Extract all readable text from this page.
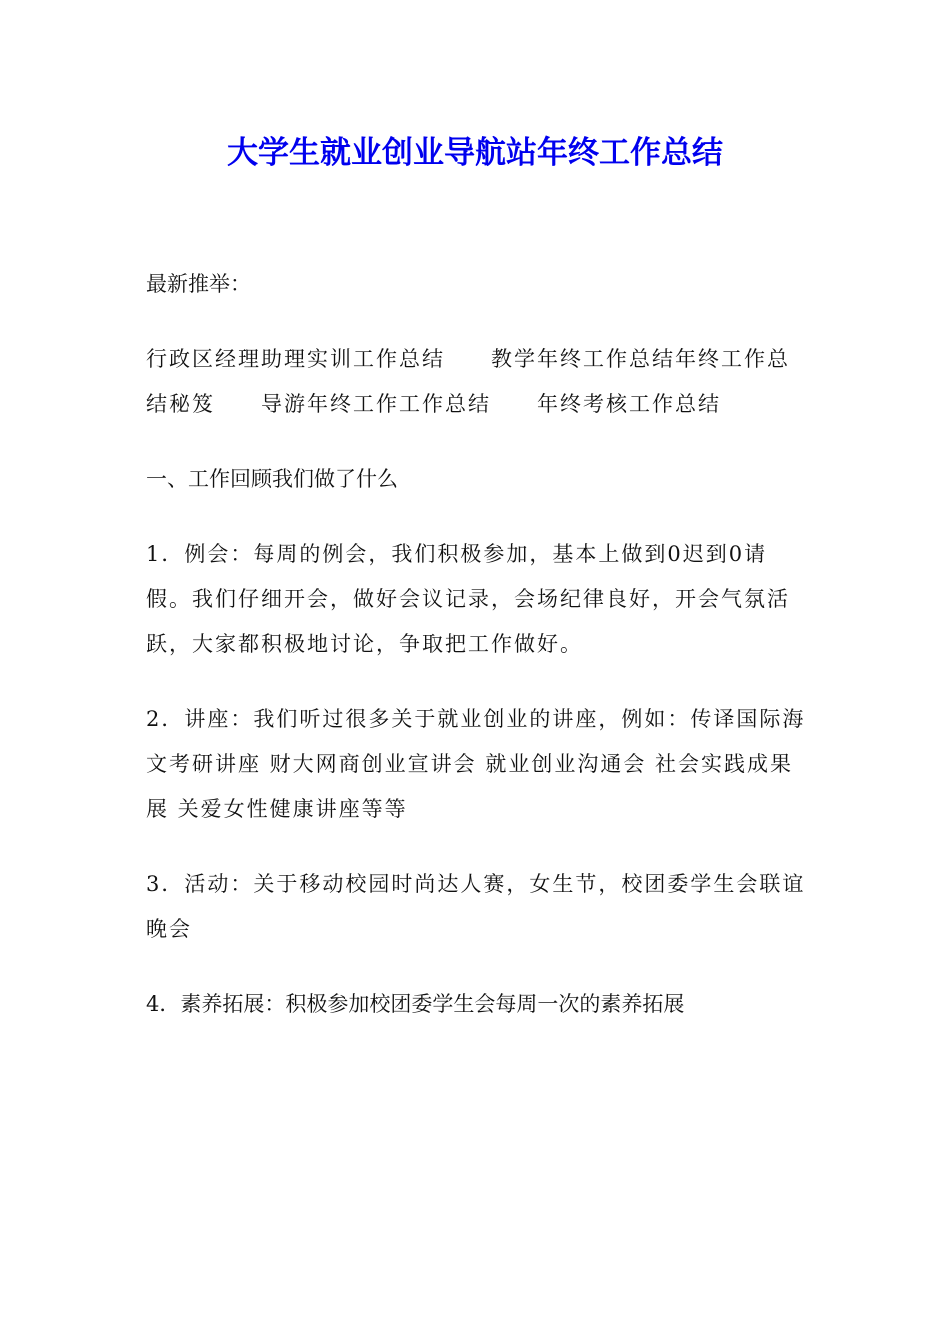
大学生就业创业导航站年终工作总结

最新推举：

行政区经理助理实训工作总结　　教学年终工作总结年终工作总结秘笈　　导游年终工作工作总结　　年终考核工作总结

一、工作回顾我们做了什么

1．例会：每周的例会，我们积极参加，基本上做到0迟到0请假。我们仔细开会，做好会议记录，会场纪律良好，开会气氛活跃，大家都积极地讨论，争取把工作做好。

2．讲座：我们听过很多关于就业创业的讲座，例如：传译国际海文考研讲座 财大网商创业宣讲会 就业创业沟通会 社会实践成果展 关爱女性健康讲座等等

3．活动：关于移动校园时尚达人赛，女生节，校团委学生会联谊晚会

4．素养拓展：积极参加校团委学生会每周一次的素养拓展
